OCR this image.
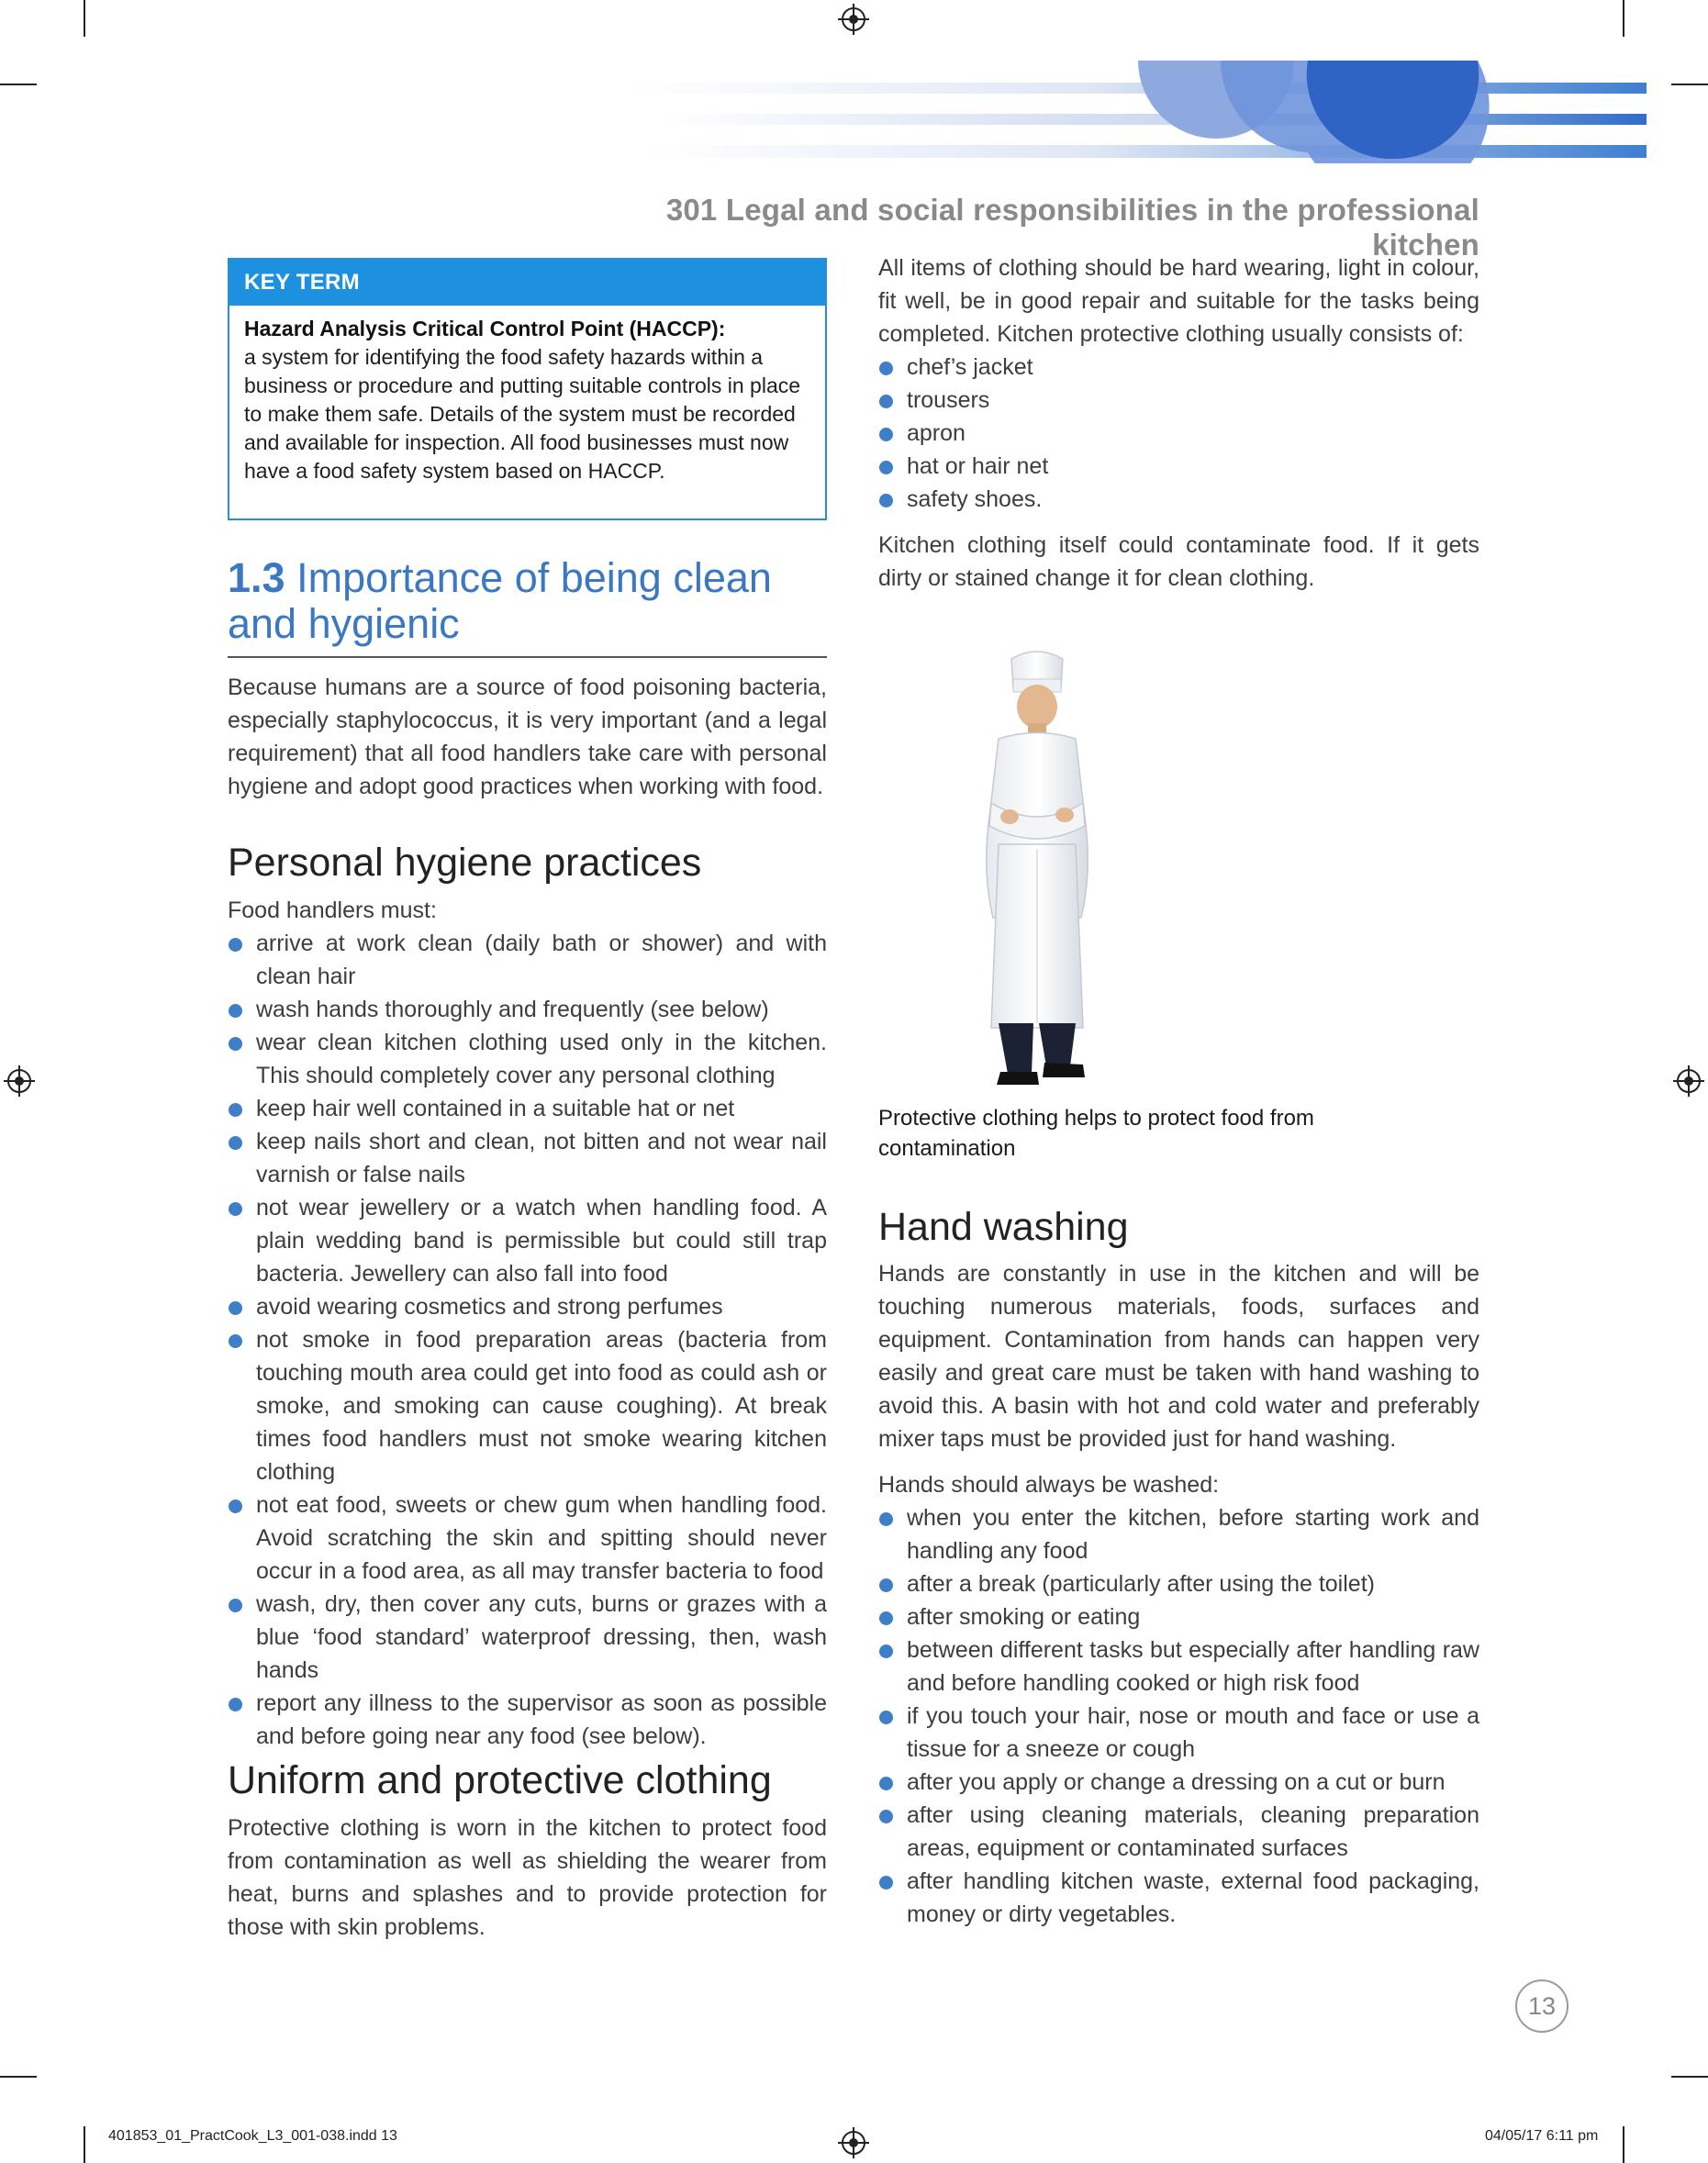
301 Legal and social responsibilities in the professional kitchen
KEY TERM
Hazard Analysis Critical Control Point (HACCP):
a system for identifying the food safety hazards within a business or procedure and putting suitable controls in place to make them safe. Details of the system must be recorded and available for inspection. All food businesses must now have a food safety system based on HACCP.
1.3 Importance of being clean and hygienic

Because humans are a source of food poisoning bacteria, especially staphylococcus, it is very important (and a legal requirement) that all food handlers take care with personal hygiene and adopt good practices when working with food.

Personal hygiene practices

Food handlers must:

arrive at work clean (daily bath or shower) and with clean hair
wash hands thoroughly and frequently (see below)
wear clean kitchen clothing used only in the kitchen. This should completely cover any personal clothing
keep hair well contained in a suitable hat or net
keep nails short and clean, not bitten and not wear nail varnish or false nails
not wear jewellery or a watch when handling food. A plain wedding band is permissible but could still trap bacteria. Jewellery can also fall into food
avoid wearing cosmetics and strong perfumes
not smoke in food preparation areas (bacteria from touching mouth area could get into food as could ash or smoke, and smoking can cause coughing). At break times food handlers must not smoke wearing kitchen clothing
not eat food, sweets or chew gum when handling food. Avoid scratching the skin and spitting should never occur in a food area, as all may transfer bacteria to food
wash, dry, then cover any cuts, burns or grazes with a blue ‘food standard’ waterproof dressing, then, wash hands
report any illness to the supervisor as soon as possible and before going near any food (see below).
Uniform and protective clothing

Protective clothing is worn in the kitchen to protect food from contamination as well as shielding the wearer from heat, burns and splashes and to provide protection for those with skin problems.

All items of clothing should be hard wearing, light in colour, fit well, be in good repair and suitable for the tasks being completed. Kitchen protective clothing usually consists of:

chef’s jacket
trousers
apron
hat or hair net
safety shoes.

Kitchen clothing itself could contaminate food. If it gets dirty or stained change it for clean clothing.

Protective clothing helps to protect food from contamination
Hand washing

Hands are constantly in use in the kitchen and will be touching numerous materials, foods, surfaces and equipment. Contamination from hands can happen very easily and great care must be taken with hand washing to avoid this. A basin with hot and cold water and preferably mixer taps must be provided just for hand washing.

Hands should always be washed:

when you enter the kitchen, before starting work and handling any food
after a break (particularly after using the toilet)
after smoking or eating
between different tasks but especially after handling raw and before handling cooked or high risk food
if you touch your hair, nose or mouth and face or use a tissue for a sneeze or cough
after you apply or change a dressing on a cut or burn
after using cleaning materials, cleaning preparation areas, equipment or contaminated surfaces
after handling kitchen waste, external food packaging, money or dirty vegetables.
13
401853_01_PractCook_L3_001-038.indd 13	04/05/17 6:11 pm
